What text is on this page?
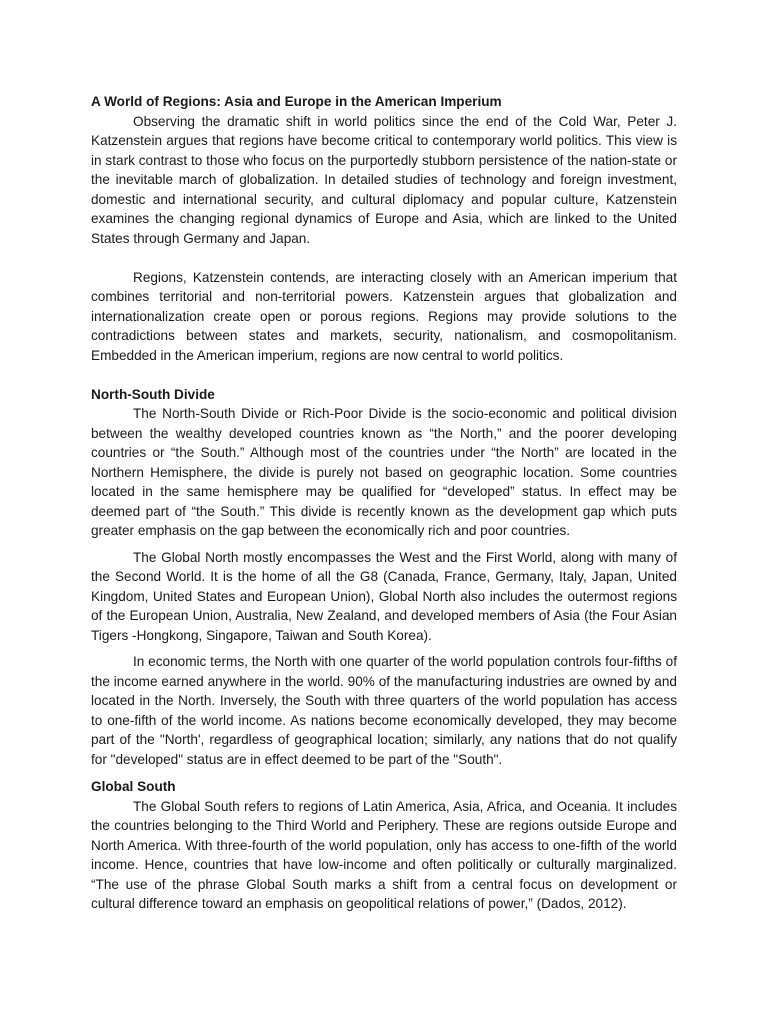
A World of Regions: Asia and Europe in the American Imperium

Observing the dramatic shift in world politics since the end of the Cold War, Peter J. Katzenstein argues that regions have become critical to contemporary world politics. This view is in stark contrast to those who focus on the purportedly stubborn persistence of the nation-state or the inevitable march of globalization. In detailed studies of technology and foreign investment, domestic and international security, and cultural diplomacy and popular culture, Katzenstein examines the changing regional dynamics of Europe and Asia, which are linked to the United States through Germany and Japan.

Regions, Katzenstein contends, are interacting closely with an American imperium that combines territorial and non-territorial powers. Katzenstein argues that globalization and internationalization create open or porous regions. Regions may provide solutions to the contradictions between states and markets, security, nationalism, and cosmopolitanism. Embedded in the American imperium, regions are now central to world politics.

North-South Divide

The North-South Divide or Rich-Poor Divide is the socio-economic and political division between the wealthy developed countries known as “the North,” and the poorer developing countries or “the South.” Although most of the countries under “the North” are located in the Northern Hemisphere, the divide is purely not based on geographic location. Some countries located in the same hemisphere may be qualified for “developed” status. In effect may be deemed part of “the South.” This divide is recently known as the development gap which puts greater emphasis on the gap between the economically rich and poor countries.

The Global North mostly encompasses the West and the First World, along with many of the Second World. It is the home of all the G8 (Canada, France, Germany, Italy, Japan, United Kingdom, United States and European Union), Global North also includes the outermost regions of the European Union, Australia, New Zealand, and developed members of Asia (the Four Asian Tigers -Hongkong, Singapore, Taiwan and South Korea).

In economic terms, the North with one quarter of the world population controls four-fifths of the income earned anywhere in the world. 90% of the manufacturing industries are owned by and located in the North. Inversely, the South with three quarters of the world population has access to one-fifth of the world income. As nations become economically developed, they may become part of the "North', regardless of geographical location; similarly, any nations that do not qualify for "developed" status are in effect deemed to be part of the "South".

Global South

The Global South refers to regions of Latin America, Asia, Africa, and Oceania. It includes the countries belonging to the Third World and Periphery. These are regions outside Europe and North America. With three-fourth of the world population, only has access to one-fifth of the world income. Hence, countries that have low-income and often politically or culturally marginalized. “The use of the phrase Global South marks a shift from a central focus on development or cultural difference toward an emphasis on geopolitical relations of power,” (Dados, 2012).
